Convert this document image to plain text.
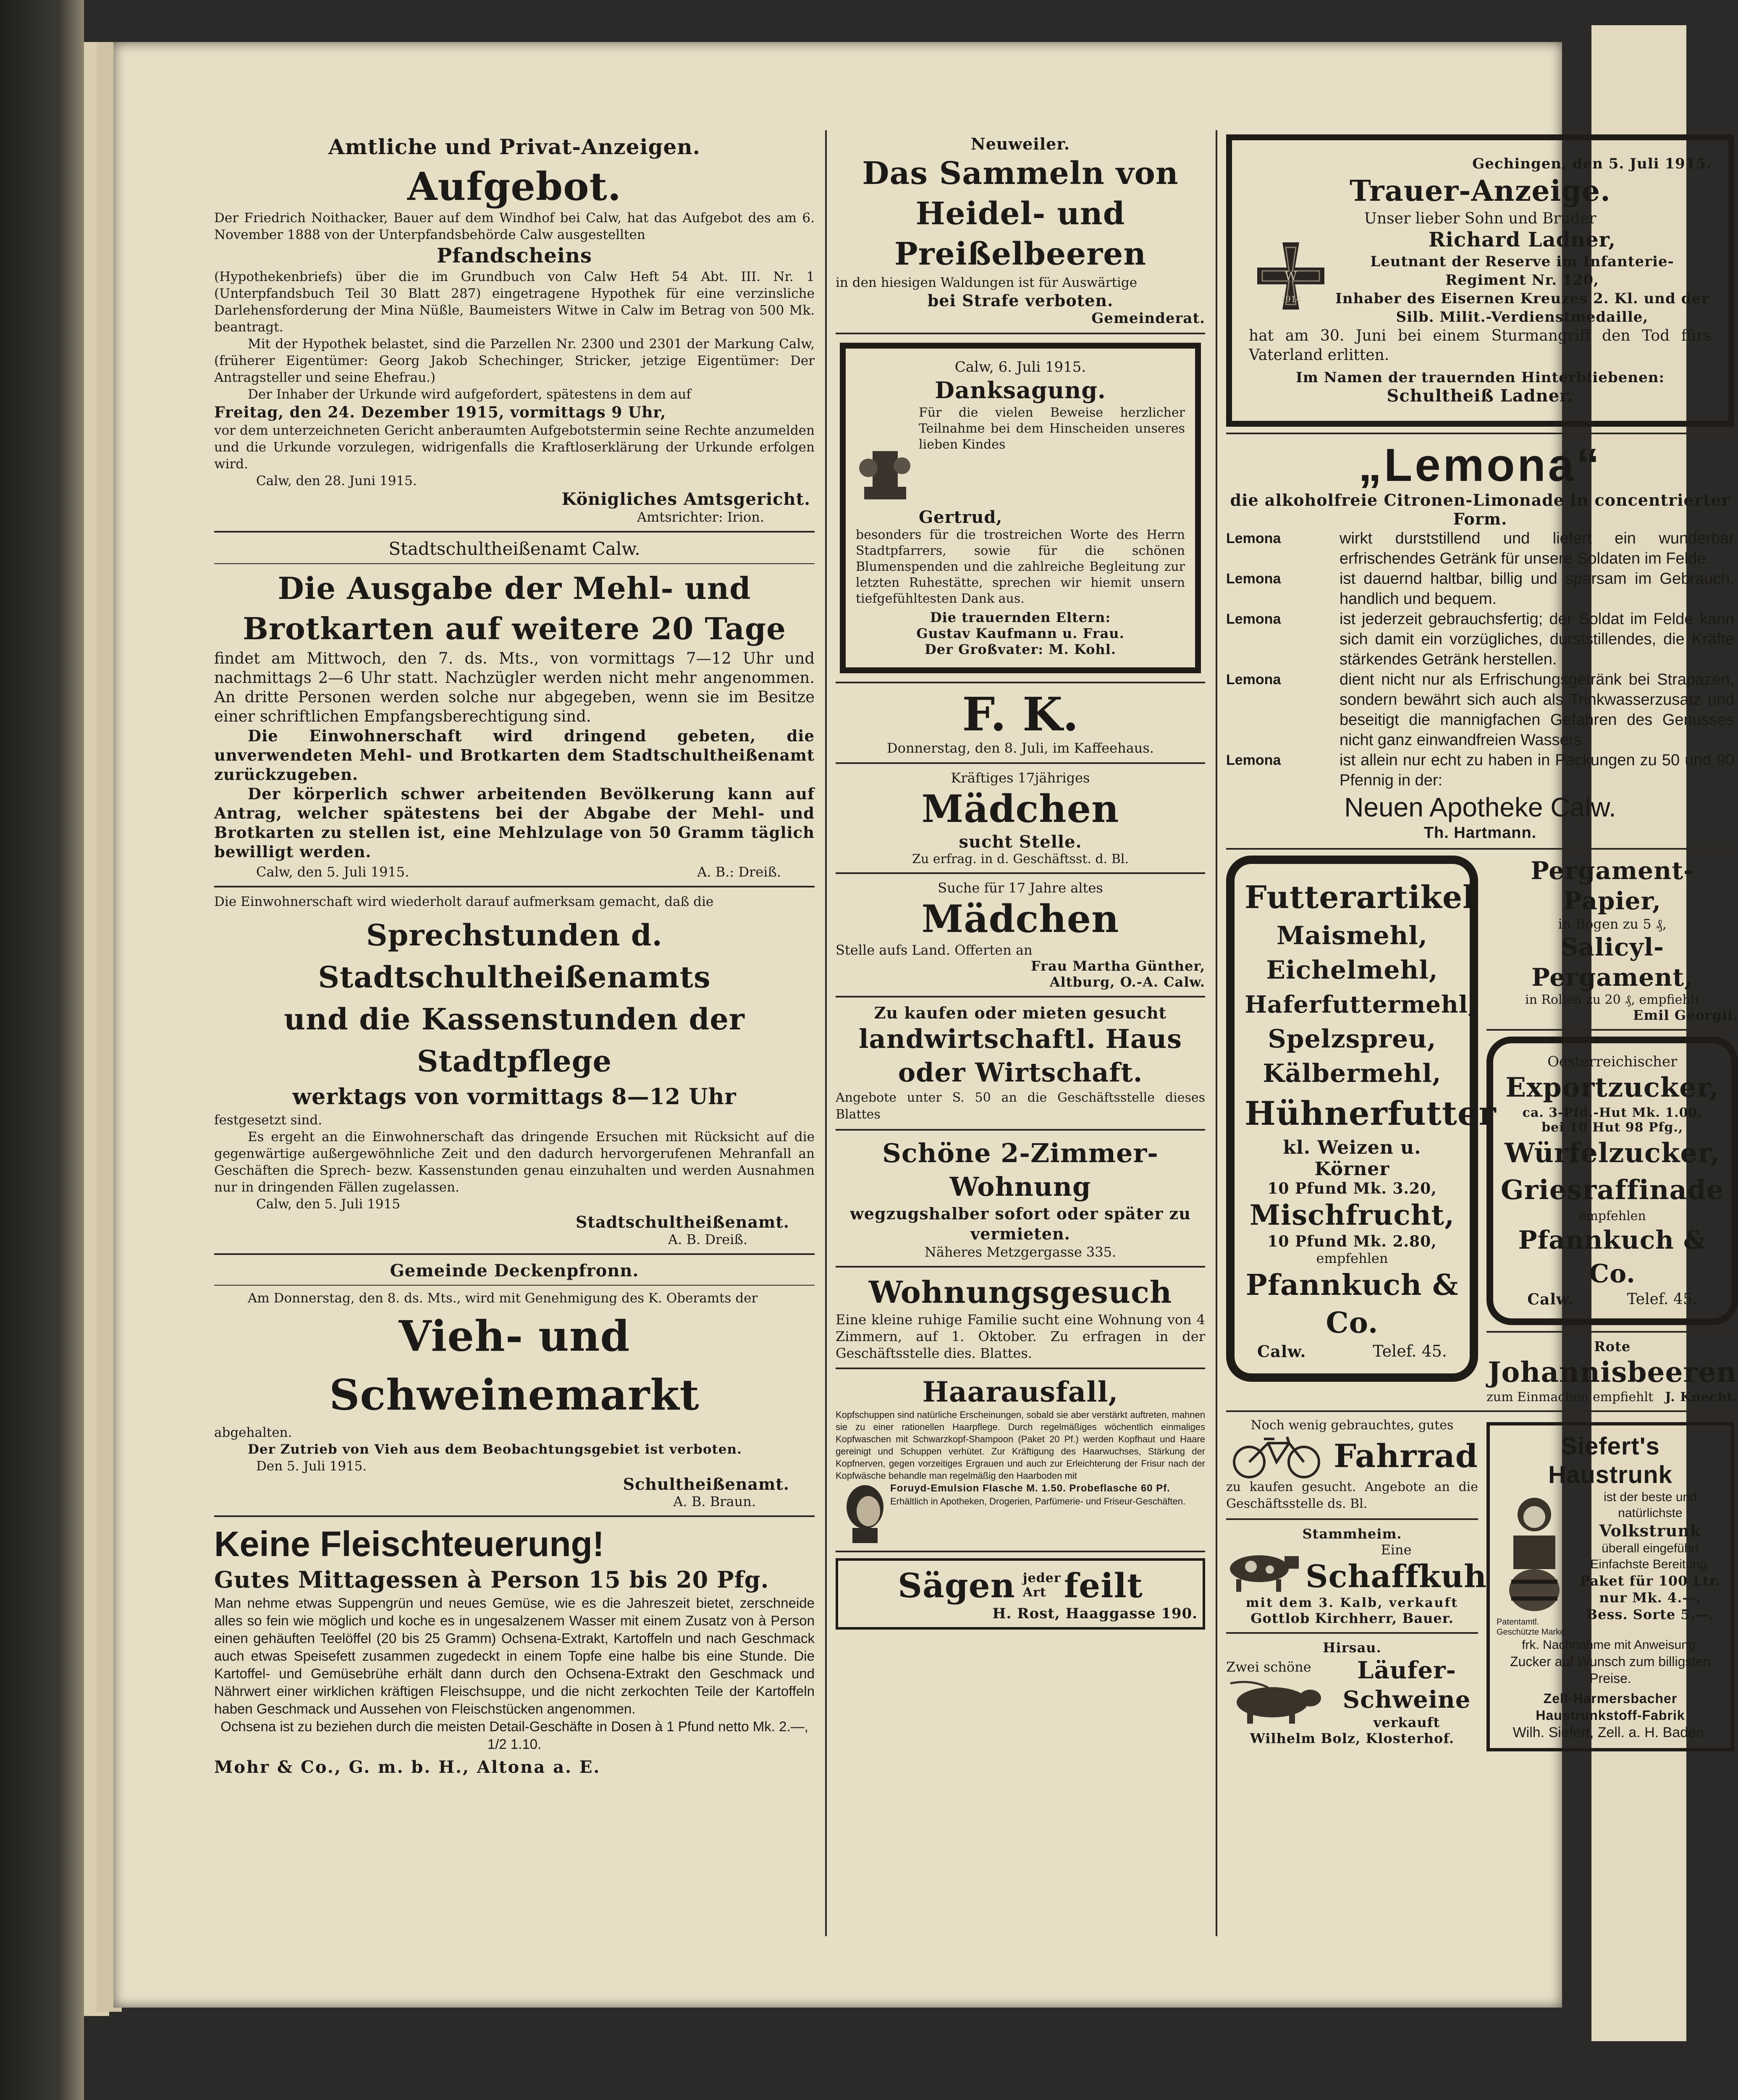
Amtliche und Privat-Anzeigen.
Aufgebot.

Der Friedrich Noithacker, Bauer auf dem Windhof bei Calw, hat das Aufgebot des am 6. November 1888 von der Unterpfandsbehörde Calw ausgestellten

Pfandscheins

(Hypothekenbriefs) über die im Grundbuch von Calw Heft 54 Abt. III. Nr. 1 (Unterpfandsbuch Teil 30 Blatt 287) eingetragene Hypothek für eine verzinsliche Darlehensforderung der Mina Nüßle, Baumeisters Witwe in Calw im Betrag von 500 Mk. beantragt.

Mit der Hypothek belastet, sind die Parzellen Nr. 2300 und 2301 der Markung Calw, (früherer Eigentümer: Georg Jakob Schechinger, Stricker, jetzige Eigentümer: Der Antragsteller und seine Ehefrau.)

Der Inhaber der Urkunde wird aufgefordert, spätestens in dem auf

Freitag, den 24. Dezember 1915, vormittags 9 Uhr,

vor dem unterzeichneten Gericht anberaumten Aufgebotstermin seine Rechte anzumelden und die Urkunde vorzulegen, widrigenfalls die Kraftloserklärung der Urkunde erfolgen wird.

Calw, den 28. Juni 1915.

Königliches Amtsgericht.
Amtsrichter: Irion.
Stadtschultheißenamt Calw.
Die Ausgabe der Mehl- und Brotkarten auf weitere 20 Tage

findet am Mittwoch, den 7. ds. Mts., von vormittags 7—12 Uhr und nachmittags 2—6 Uhr statt. Nachzügler werden nicht mehr angenommen. An dritte Personen werden solche nur abgegeben, wenn sie im Besitze einer schriftlichen Empfangsberechtigung sind.

Die Einwohnerschaft wird dringend gebeten, die unverwendeten Mehl- und Brotkarten dem Stadtschultheißenamt zurückzugeben.

Der körperlich schwer arbeitenden Bevölkerung kann auf Antrag, welcher spätestens bei der Abgabe der Mehl- und Brotkarten zu stellen ist, eine Mehlzulage von 50 Gramm täglich bewilligt werden.

Calw, den 5. Juli 1915.	A. B.: Dreiß.

Die Einwohnerschaft wird wiederholt darauf aufmerksam gemacht, daß die

Sprechstunden d. Stadtschultheißenamts
und die Kassenstunden der Stadtpflege
werktags von vormittags 8—12 Uhr

festgesetzt sind.

Es ergeht an die Einwohnerschaft das dringende Ersuchen mit Rücksicht auf die gegenwärtige außergewöhnliche Zeit und den dadurch hervorgerufenen Mehranfall an Geschäften die Sprech- bezw. Kassenstunden genau einzuhalten und werden Ausnahmen nur in dringenden Fällen zugelassen.

Calw, den 5. Juli 1915

Stadtschultheißenamt.
A. B. Dreiß.
Gemeinde Deckenpfronn.

Am Donnerstag, den 8. ds. Mts., wird mit Genehmigung des K. Oberamts der

Vieh- und Schweinemarkt

abgehalten.

Der Zutrieb von Vieh aus dem Beobachtungsgebiet ist verboten.

Den 5. Juli 1915.

Schultheißenamt.
A. B. Braun.
Keine Fleischteuerung!
Gutes Mittagessen à Person 15 bis 20 Pfg.

Man nehme etwas Suppengrün und neues Gemüse, wie es die Jahreszeit bietet, zerschneide alles so fein wie möglich und koche es in ungesalzenem Wasser mit einem Zusatz von à Person einen gehäuften Teelöffel (20 bis 25 Gramm) Ochsena-Extrakt, Kartoffeln und nach Geschmack auch etwas Speisefett zusammen zugedeckt in einem Topfe eine halbe bis eine Stunde. Die Kartoffel- und Gemüsebrühe erhält dann durch den Ochsena-Extrakt den Geschmack und Nährwert einer wirklichen kräftigen Fleischsuppe, und die nicht zerkochten Teile der Kartoffeln haben Geschmack und Aussehen von Fleischstücken angenommen.

Ochsena ist zu beziehen durch die meisten Detail-Geschäfte in Dosen à 1 Pfund netto Mk. 2.—, 1/2 1.10.

Mohr & Co., G. m. b. H., Altona a. E.
Neuweiler.
Das Sammeln von Heidel- und Preißelbeeren

in den hiesigen Waldungen ist für Auswärtige

bei Strafe verboten.
Gemeinderat.
Calw, 6. Juli 1915.
Danksagung.

Für die vielen Beweise herzlicher Teilnahme bei dem Hinscheiden unseres lieben Kindes

Gertrud,

besonders für die trostreichen Worte des Herrn Stadtpfarrers, sowie für die schönen Blumenspenden und die zahlreiche Begleitung zur letzten Ruhestätte, sprechen wir hiemit unsern tiefgefühltesten Dank aus.

Die trauernden Eltern:
Gustav Kaufmann u. Frau.
Der Großvater: M. Kohl.
F. K.

Donnerstag, den 8. Juli, im Kaffeehaus.

Kräftiges 17jähriges

Mädchen
sucht Stelle.

Zu erfrag. in d. Geschäftsst. d. Bl.

Suche für 17 Jahre altes

Mädchen

Stelle aufs Land. Offerten an

Frau Martha Günther,
Altburg, O.-A. Calw.
Zu kaufen oder mieten gesucht
landwirtschaftl. Haus oder Wirtschaft.

Angebote unter S. 50 an die Geschäftsstelle dieses Blattes

Schöne 2-Zimmer-Wohnung
wegzugshalber sofort oder später zu vermieten.

Näheres Metzgergasse 335.

Wohnungsgesuch

Eine kleine ruhige Familie sucht eine Wohnung von 4 Zimmern, auf 1. Oktober. Zu erfragen in der Geschäftsstelle dies. Blattes.

Haarausfall,

Kopfschuppen sind natürliche Erscheinungen, sobald sie aber verstärkt auftreten, mahnen sie zu einer rationellen Haarpflege. Durch regelmäßiges wöchentlich einmaliges Kopfwaschen mit Schwarzkopf-Shampoon (Paket 20 Pf.) werden Kopfhaut und Haare gereinigt und Schuppen verhütet. Zur Kräftigung des Haarwuchses, Stärkung der Kopfnerven, gegen vorzeitiges Ergrauen und auch zur Erleichterung der Frisur nach der Kopfwäsche behandle man regelmäßig den Haarboden mit

Foruyd-Emulsion Flasche M. 1.50. Probeflasche 60 Pf.

Erhältlich in Apotheken, Drogerien, Parfümerie- und Friseur-Geschäften.

Sägen jeder Art feilt
H. Rost, Haaggasse 190.
Gechingen, den 5. Juli 1915.
Trauer-Anzeige.
Unser lieber Sohn und Bruder
W
1914
Richard Ladner,
Leutnant der Reserve im Infanterie-Regiment Nr. 120,
Inhaber des Eisernen Kreuzes 2. Kl. und der Silb. Milit.-Verdienstmedaille,

hat am 30. Juni bei einem Sturmangriff den Tod fürs Vaterland erlitten.

Im Namen der trauernden Hinterbliebenen:
Schultheiß Ladner.
„Lemona“
die alkoholfreie Citronen-Limonade in concentrierter Form.
Lemona	wirkt durststillend und liefert ein wunderbar erfrischendes Getränk für unsere Soldaten im Felde.
Lemona	ist dauernd haltbar, billig und sparsam im Gebrauch, handlich und bequem.
Lemona	ist jederzeit gebrauchsfertig; der Soldat im Felde kann sich damit ein vorzügliches, durststillendes, die Kräfte stärkendes Getränk herstellen.
Lemona	dient nicht nur als Erfrischungsgetränk bei Strapazen, sondern bewährt sich auch als Trinkwasserzusatz und beseitigt die mannigfachen Gefahren des Genusses nicht ganz einwandfreien Wassers.
Lemona	ist allein nur echt zu haben in Packungen zu 50 und 90 Pfennig in der:
Neuen Apotheke Calw.
Th. Hartmann.
Futterartikel
Maismehl,
Eichelmehl,
Haferfuttermehl,
Spelzspreu,
Kälbermehl,
Hühnerfutter
kl. Weizen u. Körner
10 Pfund Mk. 3.20,
Mischfrucht,
10 Pfund Mk. 2.80,
empfehlen
Pfannkuch & Co.
Calw.	Telef. 45.
Pergament-Papier,
in Bogen zu 5 ₰,
Salicyl-Pergament,
in Rollen zu 20 ₰, empfiehlt
Emil Georgii.
Oesterreichischer
Exportzucker,
ca. 3-Pfd.-Hut Mk. 1.00,
bei 10 Hut 98 Pfg.,
Würfelzucker,
Griesraffinade
empfehlen
Pfannkuch & Co.
Calw.	Telef. 45.
Rote
Johannisbeeren
zum Einmachen empfiehlt J. Knecht.

Noch wenig gebrauchtes, gutes

Fahrrad

zu kaufen gesucht. Angebote an die Geschäftsstelle ds. Bl.

Stammheim.
Eine
Schaffkuh
mit dem 3. Kalb, verkauft
Gottlob Kirchherr, Bauer.
Hirsau.
Zwei schöne	Läufer-Schweine
verkauft
Wilhelm Bolz, Klosterhof.
Siefert's
Haustrunk
Patentamtl. Geschützte Marke.
ist der beste und natürlichste
Volkstrunk
überall eingeführt Einfachste Bereitung.
Paket für 100 Ltr. nur Mk. 4.—.
Bess. Sorte 5.—.
frk. Nachnahme mit Anweisung.
Zucker auf Wunsch zum billigsten Preise.
Zell-Harmersbacher Haustrunkstoff-Fabrik
Wilh. Siefert, Zell. a. H. Baden.
